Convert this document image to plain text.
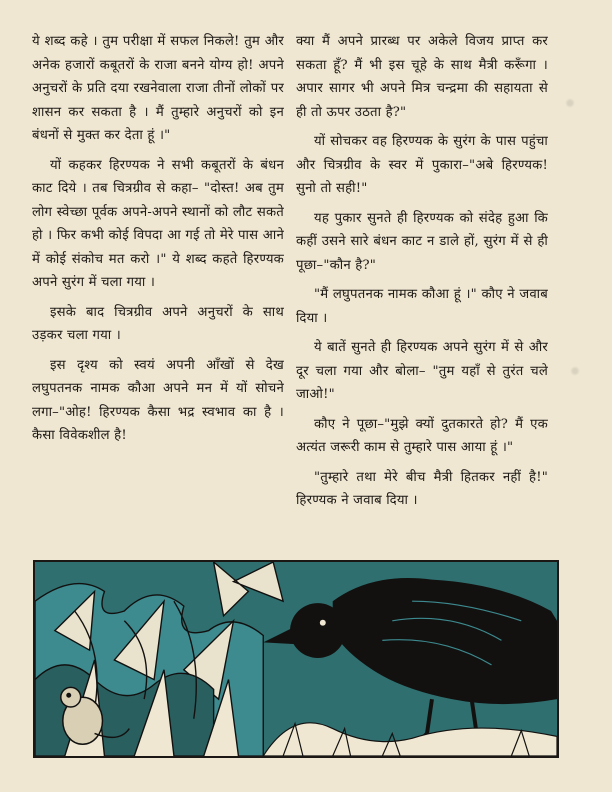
ये शब्द कहे । तुम परीक्षा में सफल निकले! तुम और अनेक हजारों कबूतरों के राजा बनने योग्य हो! अपने अनुचरों के प्रति दया रखनेवाला राजा तीनों लोकों पर शासन कर सकता है । मैं तुम्हारे अनुचरों को इन बंधनों से मुक्त कर देता हूं ।"

यों कहकर हिरण्यक ने सभी कबूतरों के बंधन काट दिये । तब चित्रग्रीव से कहा– "दोस्त! अब तुम लोग स्वेच्छा पूर्वक अपने-अपने स्थानों को लौट सकते हो । फिर कभी कोई विपदा आ गई तो मेरे पास आने में कोई संकोच मत करो ।" ये शब्द कहते हिरण्यक अपने सुरंग में चला गया ।

इसके बाद चित्रग्रीव अपने अनुचरों के साथ उड़कर चला गया ।

इस दृश्य को स्वयं अपनी आँखों से देख लघुपतनक नामक कौआ अपने मन में यों सोचने लगा–"ओह! हिरण्यक कैसा भद्र स्वभाव का है । कैसा विवेकशील है!

क्या मैं अपने प्रारब्ध पर अकेले विजय प्राप्त कर सकता हूँ? मैं भी इस चूहे के साथ मैत्री करूँगा । अपार सागर भी अपने मित्र चन्द्रमा की सहायता से ही तो ऊपर उठता है?"

यों सोचकर वह हिरण्यक के सुरंग के पास पहुंचा और चित्रग्रीव के स्वर में पुकारा–"अबे हिरण्यक! सुनो तो सही!"

यह पुकार सुनते ही हिरण्यक को संदेह हुआ कि कहीं उसने सारे बंधन काट न डाले हों, सुरंग में से ही पूछा–"कौन है?"

"मैं लघुपतनक नामक कौआ हूं ।" कौए ने जवाब दिया ।

ये बातें सुनते ही हिरण्यक अपने सुरंग में से और दूर चला गया और बोला– "तुम यहाँ से तुरंत चले जाओ!"

कौए ने पूछा–"मुझे क्यों दुतकारते हो? मैं एक अत्यंत जरूरी काम से तुम्हारे पास आया हूं ।"

"तुम्हारे तथा मेरे बीच मैत्री हितकर नहीं है!" हिरण्यक ने जवाब दिया ।
